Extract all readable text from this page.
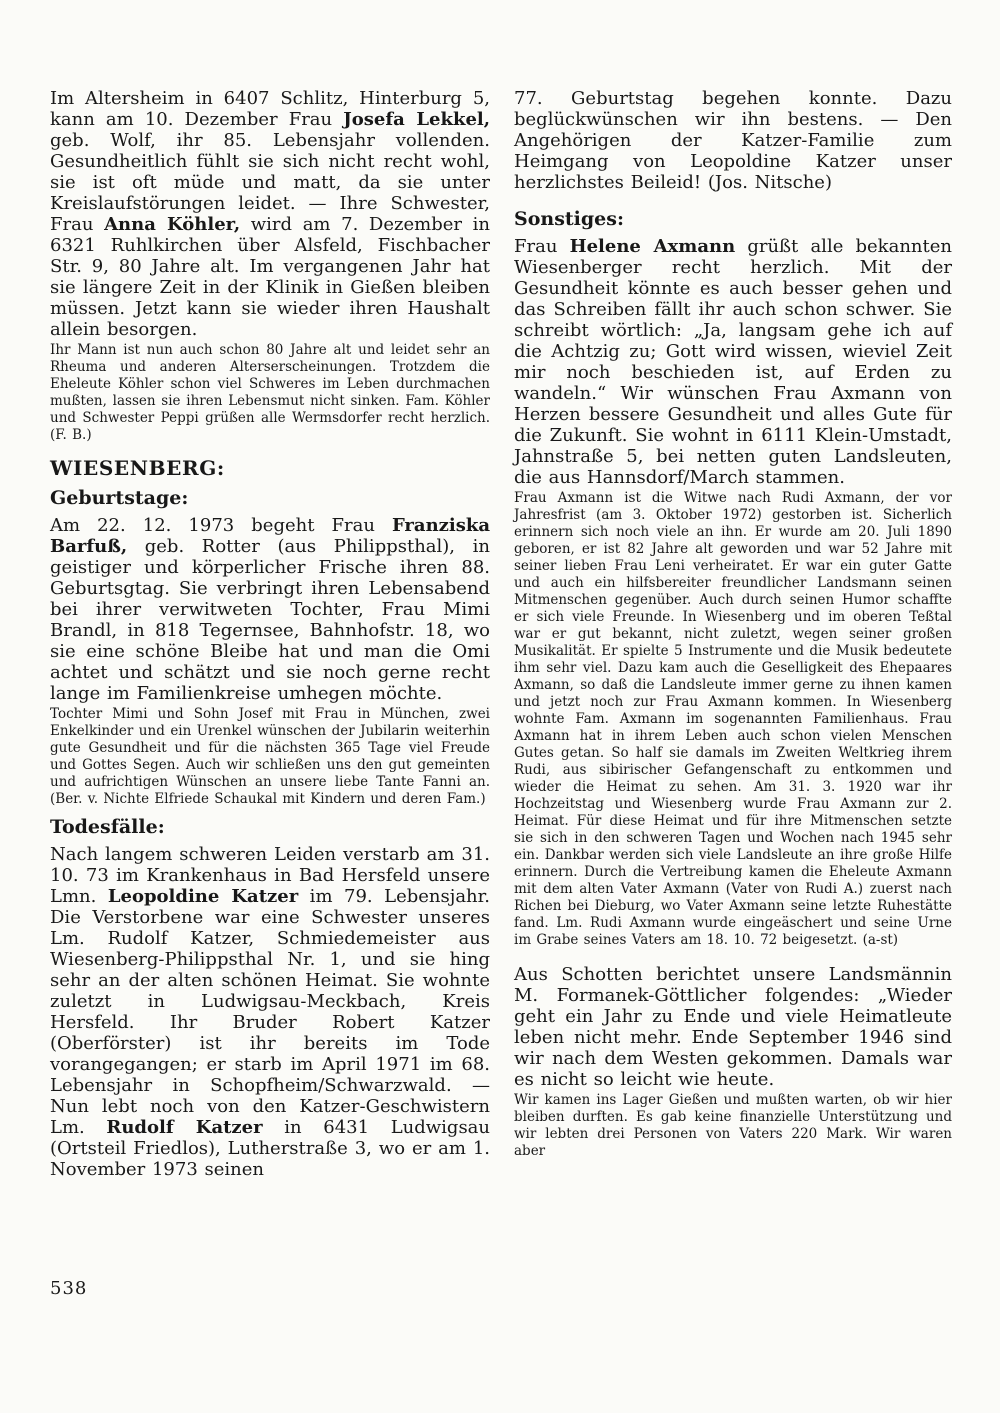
Im Altersheim in 6407 Schlitz, Hinterburg 5, kann am 10. Dezember Frau Josefa Lekkel, geb. Wolf, ihr 85. Lebensjahr vollenden. Gesundheitlich fühlt sie sich nicht recht wohl, sie ist oft müde und matt, da sie unter Kreislaufstörungen leidet. — Ihre Schwester, Frau Anna Köhler, wird am 7. Dezember in 6321 Ruhlkirchen über Alsfeld, Fischbacher Str. 9, 80 Jahre alt. Im vergangenen Jahr hat sie längere Zeit in der Klinik in Gießen bleiben müssen. Jetzt kann sie wieder ihren Haushalt allein besorgen.

Ihr Mann ist nun auch schon 80 Jahre alt und leidet sehr an Rheuma und anderen Alterserscheinungen. Trotzdem die Eheleute Köhler schon viel Schweres im Leben durchmachen mußten, lassen sie ihren Lebensmut nicht sinken. Fam. Köhler und Schwester Peppi grüßen alle Wermsdorfer recht herzlich. (F. B.)

WIESENBERG:
Geburtstage:

Am 22. 12. 1973 begeht Frau Franziska Barfuß, geb. Rotter (aus Philippsthal), in geistiger und körperlicher Frische ihren 88. Geburtsgtag. Sie verbringt ihren Lebensabend bei ihrer verwitweten Tochter, Frau Mimi Brandl, in 818 Tegernsee, Bahnhofstr. 18, wo sie eine schöne Bleibe hat und man die Omi achtet und schätzt und sie noch gerne recht lange im Familienkreise umhegen möchte.

Tochter Mimi und Sohn Josef mit Frau in München, zwei Enkelkinder und ein Urenkel wünschen der Jubilarin weiterhin gute Gesundheit und für die nächsten 365 Tage viel Freude und Gottes Segen. Auch wir schließen uns den gut gemeinten und aufrichtigen Wünschen an unsere liebe Tante Fanni an. (Ber. v. Nichte Elfriede Schaukal mit Kindern und deren Fam.)

Todesfälle:

Nach langem schweren Leiden verstarb am 31. 10. 73 im Krankenhaus in Bad Hersfeld unsere Lmn. Leopoldine Katzer im 79. Lebensjahr. Die Verstorbene war eine Schwester unseres Lm. Rudolf Katzer, Schmiedemeister aus Wiesenberg-Philippsthal Nr. 1, und sie hing sehr an der alten schönen Heimat. Sie wohnte zuletzt in Ludwigsau-Meckbach, Kreis Hersfeld. Ihr Bruder Robert Katzer (Oberförster) ist ihr bereits im Tode vorangegangen; er starb im April 1971 im 68. Lebensjahr in Schopfheim/Schwarzwald. — Nun lebt noch von den Katzer-Geschwistern Lm. Rudolf Katzer in 6431 Ludwigsau (Ortsteil Friedlos), Lutherstraße 3, wo er am 1. November 1973 seinen

77. Geburtstag begehen konnte. Dazu beglückwünschen wir ihn bestens. — Den Angehörigen der Katzer-Familie zum Heimgang von Leopoldine Katzer unser herzlichstes Beileid! (Jos. Nitsche)

Sonstiges:

Frau Helene Axmann grüßt alle bekannten Wiesenberger recht herzlich. Mit der Gesundheit könnte es auch besser gehen und das Schreiben fällt ihr auch schon schwer. Sie schreibt wörtlich: „Ja, langsam gehe ich auf die Achtzig zu; Gott wird wissen, wieviel Zeit mir noch beschieden ist, auf Erden zu wandeln.“ Wir wünschen Frau Axmann von Herzen bessere Gesundheit und alles Gute für die Zukunft. Sie wohnt in 6111 Klein-Umstadt, Jahnstraße 5, bei netten guten Landsleuten, die aus Hannsdorf/March stammen.

Frau Axmann ist die Witwe nach Rudi Axmann, der vor Jahresfrist (am 3. Oktober 1972) gestorben ist. Sicherlich erinnern sich noch viele an ihn. Er wurde am 20. Juli 1890 geboren, er ist 82 Jahre alt geworden und war 52 Jahre mit seiner lieben Frau Leni verheiratet. Er war ein guter Gatte und auch ein hilfsbereiter freundlicher Landsmann seinen Mitmenschen gegenüber. Auch durch seinen Humor schaffte er sich viele Freunde. In Wiesenberg und im oberen Teßtal war er gut bekannt, nicht zuletzt, wegen seiner großen Musikalität. Er spielte 5 Instrumente und die Musik bedeutete ihm sehr viel. Dazu kam auch die Geselligkeit des Ehepaares Axmann, so daß die Landsleute immer gerne zu ihnen kamen und jetzt noch zur Frau Axmann kommen. In Wiesenberg wohnte Fam. Axmann im sogenannten Familienhaus. Frau Axmann hat in ihrem Leben auch schon vielen Menschen Gutes getan. So half sie damals im Zweiten Weltkrieg ihrem Rudi, aus sibirischer Gefangenschaft zu entkommen und wieder die Heimat zu sehen. Am 31. 3. 1920 war ihr Hochzeitstag und Wiesenberg wurde Frau Axmann zur 2. Heimat. Für diese Heimat und für ihre Mitmenschen setzte sie sich in den schweren Tagen und Wochen nach 1945 sehr ein. Dankbar werden sich viele Landsleute an ihre große Hilfe erinnern. Durch die Vertreibung kamen die Eheleute Axmann mit dem alten Vater Axmann (Vater von Rudi A.) zuerst nach Richen bei Dieburg, wo Vater Axmann seine letzte Ruhestätte fand. Lm. Rudi Axmann wurde eingeäschert und seine Urne im Grabe seines Vaters am 18. 10. 72 beigesetzt. (a-st)

Aus Schotten berichtet unsere Landsmännin M. Formanek-Göttlicher folgendes: „Wieder geht ein Jahr zu Ende und viele Heimatleute leben nicht mehr. Ende September 1946 sind wir nach dem Westen gekommen. Damals war es nicht so leicht wie heute.

Wir kamen ins Lager Gießen und mußten warten, ob wir hier bleiben durften. Es gab keine finanzielle Unterstützung und wir lebten drei Personen von Vaters 220 Mark. Wir waren aber

538
